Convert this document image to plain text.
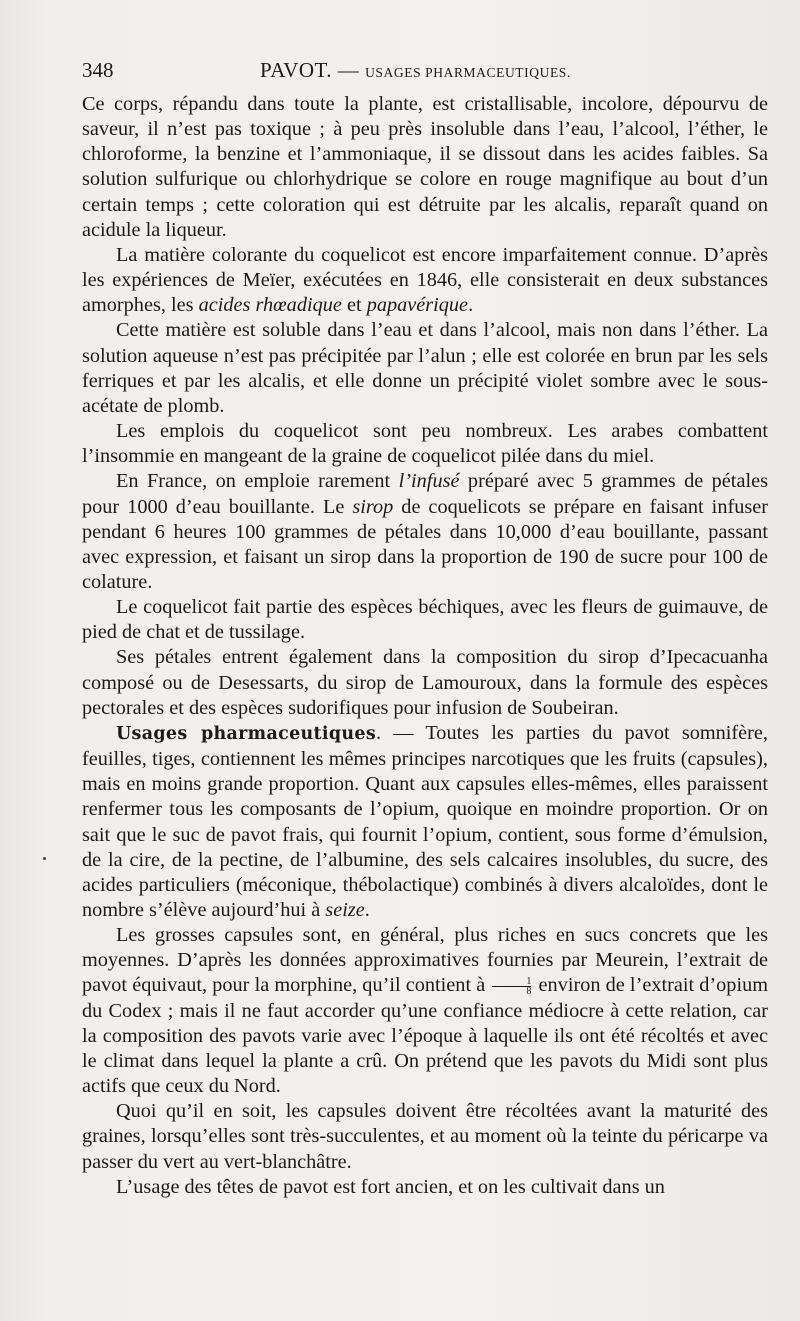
348	PAVOT. — USAGES PHARMACEUTIQUES.

Ce corps, répandu dans toute la plante, est cristallisable, incolore, dépourvu de saveur, il n’est pas toxique ; à peu près insoluble dans l’eau, l’alcool, l’éther, le chloroforme, la benzine et l’ammoniaque, il se dissout dans les acides faibles. Sa solution sulfurique ou chlorhydrique se colore en rouge magnifique au bout d’un certain temps ; cette coloration qui est détruite par les alcalis, reparaît quand on acidule la liqueur.

La matière colorante du coquelicot est encore imparfaitement connue. D’après les expériences de Meïer, exécutées en 1846, elle consisterait en deux substances amorphes, les acides rhœadique et papavérique.

Cette matière est soluble dans l’eau et dans l’alcool, mais non dans l’éther. La solution aqueuse n’est pas précipitée par l’alun ; elle est colorée en brun par les sels ferriques et par les alcalis, et elle donne un précipité violet sombre avec le sous-acétate de plomb.

Les emplois du coquelicot sont peu nombreux. Les arabes combattent l’insommie en mangeant de la graine de coquelicot pilée dans du miel.

En France, on emploie rarement l’infusé préparé avec 5 grammes de pétales pour 1000 d’eau bouillante. Le sirop de coquelicots se prépare en faisant infuser pendant 6 heures 100 grammes de pétales dans 10,000 d’eau bouillante, passant avec expression, et faisant un sirop dans la proportion de 190 de sucre pour 100 de colature.

Le coquelicot fait partie des espèces béchiques, avec les fleurs de guimauve, de pied de chat et de tussilage.

Ses pétales entrent également dans la composition du sirop d’Ipecacuanha composé ou de Desessarts, du sirop de Lamouroux, dans la formule des espèces pectorales et des espèces sudorifiques pour infusion de Soubeiran.

Usages pharmaceutiques. — Toutes les parties du pavot somnifère, feuilles, tiges, contiennent les mêmes principes narcotiques que les fruits (capsules), mais en moins grande proportion. Quant aux capsules elles-mêmes, elles paraissent renfermer tous les composants de l’opium, quoique en moindre proportion. Or on sait que le suc de pavot frais, qui fournit l’opium, contient, sous forme d’émulsion, de la cire, de la pectine, de l’albumine, des sels calcaires insolubles, du sucre, des acides particuliers (méconique, thébolactique) combinés à divers alcaloïdes, dont le nombre s’élève aujourd’hui à seize.

Les grosses capsules sont, en général, plus riches en sucs concrets que les moyennes. D’après les données approximatives fournies par Meurein, l’extrait de pavot équivaut, pour la morphine, qu’il contient à $\frac{1}{8}$ environ de l’extrait d’opium du Codex ; mais il ne faut accorder qu’une confiance médiocre à cette relation, car la composition des pavots varie avec l’époque à laquelle ils ont été récoltés et avec le climat dans lequel la plante a crû. On prétend que les pavots du Midi sont plus actifs que ceux du Nord.

Quoi qu’il en soit, les capsules doivent être récoltées avant la maturité des graines, lorsqu’elles sont très-succulentes, et au moment où la teinte du péricarpe va passer du vert au vert-blanchâtre.

L’usage des têtes de pavot est fort ancien, et on les cultivait dans un
